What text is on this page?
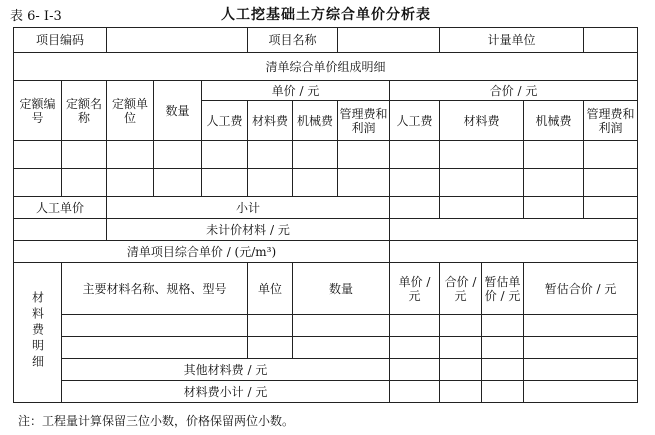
表 6- Ⅰ-3	人工挖基础土方综合单价分析表
项目编码					项目名称				计量单位			
清单综合单价组成明细												
定额编号	定额名称	定额单位	数量	单价 / 元				合价 / 元				
				人工费	材料费	机械费	管理费和利润	人工费	材料费		机械费	管理费和利润

人工单价		小计										
		未计价材料 / 元										
清单项目综合单价 / (元/m³)												
材料费明细	主要材料名称、规格、型号				单位	数量		单价 / 元	合价 / 元	暂估单价 / 元	暂估合价 / 元	

	其他材料费 / 元											
	材料费小计 / 元											
注：工程量计算保留三位小数，价格保留两位小数。
